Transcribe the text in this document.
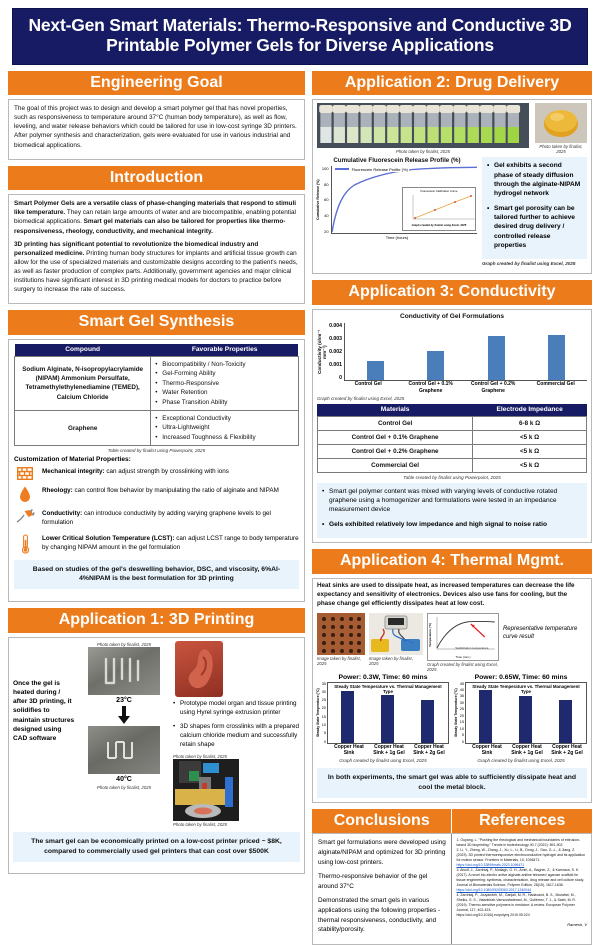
Next-Gen Smart Materials: Thermo-Responsive and Conductive 3D Printable Polymer Gels for Diverse Applications
Engineering Goal

The goal of this project was to design and develop a smart polymer gel that has novel properties, such as responsiveness to temperature around 37°C (human body temperature), as well as flow, leveling, and water release behaviors which could be tailored for use in low-cost syringe 3D printers. After polymer synthesis and characterization, gels were evaluated for use in various industrial and biomedical applications.

Introduction

Smart Polymer Gels are a versatile class of phase-changing materials that respond to stimuli like temperature. They can retain large amounts of water and are biocompatible, enabling potential biomedical applications. Smart gel materials can also be tailored for properties like thermo-responsiveness, rheology, conductivity, and mechanical integrity.

3D printing has significant potential to revolutionize the biomedical industry and personalized medicine. Printing human body structures for implants and artificial tissue growth can allow for the use of specialized materials and customizable designs according to the patient's needs, as well as faster production of complex parts. Additionally, government agencies and major clinical institutions have significant interest in 3D printing medical models for doctors to practice before surgery to increase the rate of success.

Smart Gel Synthesis
Compound	Favorable Properties
Sodium Alginate, N-isopropylacrylamide (NIPAM) Ammonium Persulfate, Tetramethylethylenediamine (TEMED), Calcium Chloride	
• Biocompatibility / Non-Toxicity
• Gel-Forming Ability
• Thermo-Responsive
• Water Retention
• Phase Transition Ability

Graphene	
• Exceptional Conductivity
• Ultra-Lightweight
• Increased Toughness & Flexibility
Table created by finalist using Powerpoint, 2025
Customization of Material Properties:
Mechanical integrity: can adjust strength by crosslinking with ions
Rheology: can control flow behavior by manipulating the ratio of alginate and NIPAM
Conductivity: can introduce conductivity by adding varying graphene levels to gel formulation
Lower Critical Solution Temperature (LCST): can adjust LCST range to body temperature by changing NIPAM amount in the gel formulation
Based on studies of the gel's deswelling behavior, DSC, and viscosity, 6%Al-4%NIPAM is the best formulation for 3D printing
Application 1: 3D Printing
Once the gel is heated during / after 3D printing, it solidifies to maintain structures designed using CAD software
Photo taken by finalist, 2025
23°C
40°C
Photo taken by finalist, 2025
• Prototype model organ and tissue printing using Hyrel syringe extrusion printer
• 3D shapes form crosslinks with a prepared calcium chloride medium and successfully retain shape
Photo taken by finalist, 2025
Photo taken by finalist, 2025
The smart gel can be economically printed on a low-cost printer priced ~ $8K, compared to commercially used gel printers that can cost over $500K
Application 2: Drug Delivery
Photo taken by finalist, 2025
Photo taken by finalist, 2025
Cumulative Fluorescein Release Profile (%)
Cumulative Release (%)
100
80
60
40
20
Fluorescein Release Profile (%)
Fluorescein Calibration Curve
Graph created by finalist using Excel, 2025
Time (hours)
• Gel exhibits a second phase of steady diffusion through the alginate-NIPAM hydrogel network
• Smart gel porosity can be tailored further to achieve desired drug delivery / controlled release properties
Graph created by finalist using Excel, 2025
Application 3: Conductivity
Conductivity of Gel Formulations
Conductivity (ohm⁻¹ mm⁻¹)
0.004
0.003
0.002
0.001
0
Control Gel	Control Gel + 0.1% Graphene
Control Gel + 0.2% Graphene
Commercial Gel
Graph created by finalist using Excel, 2025
Materials	Electrode Impedance
Control Gel	6-8 k Ω
Control Gel + 0.1% Graphene	<5 k Ω
Control Gel + 0.2% Graphene	<5 k Ω
Commercial Gel	<5 k Ω
Table created by finalist using Powerpoint, 2025
• Smart gel polymer content was mixed with varying levels of conductive rotated graphene using a homogenizer and formulations were tested in an impedance measurement device
• Gels exhibited relatively low impedance and high signal to noise ratio
Application 4: Thermal Mgmt.

Heat sinks are used to dissipate heat, as increased temperatures can decrease the life expectancy and sensitivity of electronics. Devices also use fans for cooling, but the phase change gel efficiently dissipates heat at low cost.

Image taken by finalist, 2025
Image taken by finalist, 2025
Temperature (°C)
Stabilization temperature
Time (min.)
Graph created by finalist using Excel, 2025
Representative temperature curve result
Power: 0.3W, Time: 60 mins
Steady State Temperature (°C)
35
30
25
20
15
10
5
0
Steady State Temperature vs. Thermal Management Type
Copper Heat Sink
Copper Heat Sink + 1g Gel
Copper Heat Sink + 2g Gel
Graph created by finalist using Excel, 2025
Power: 0.65W, Time: 60 mins
Steady State Temperature (°C)
45
40
35
30
25
20
15
10
5
0
Steady State Temperature vs. Thermal Management Type
Copper Heat Sink
Copper Heat Sink + 1g Gel
Copper Heat Sink + 2g Gel
Graph created by finalist using Excel, 2025
In both experiments, the smart gel was able to sufficiently dissipate heat and cool the metal block.
Conclusions	References

Smart gel formulations were developed using alginate/NIPAM and optimized for 3D printing using low-cost printers.

Thermo-responsive behavior of the gel around 37°C

Demonstrated the smart gels in various applications using the following properties - thermal responsiveness, conductivity, and stability/porosity.

1. Ouyang, L. "Pushing the rheological and mechanical boundaries of extrusion-based 3D bioprinting." Trends in biotechnology 40.7 (2022): 891-902.
2. Li, Y., Zheng, W., Zhang, J., Xu, L., Li, B., Dong, J., Gao, G.-L., & Jiang, Z. (2023). 3D printed thermoresponsive electroconductive hydrogel and its application for motion sensor. Frontiers in Materials, 10, 1096471.
https://doi.org/10.3389/fmats.2023.1096471
3. Alsolf, J., Zarrintaj, P., Motlagh, G. H., Amiri, A., Bagher, Z., & Kamrava, S. K. (2017). A novel bio-electro active alginate-aniline tetramer/ agarose scaffold for tissue engineering: synthesis, characterization, drug release and cell culture study. Journal of Biomaterials Science, Polymer Edition, 28(15), 1617-1636.
https://doi.org/10.1080/09205063.2017.1340044
4. Zarrintaj, P., Jouyandeh, M., Ganjali, M. R., Hadavand, B. S., Mozafari, M., Sheiko, S. S., Vatankhah-Varnoosfaderani, M., Gutiérrez, T. J., & Saeb, M. R. (2019). Thermo-sensitive polymers in medicine: A review. European Polymer Journal, 117, 402-423.
https://doi.org/10.1016/j.eurpolymj.2019.05.024
Ramesh, V
